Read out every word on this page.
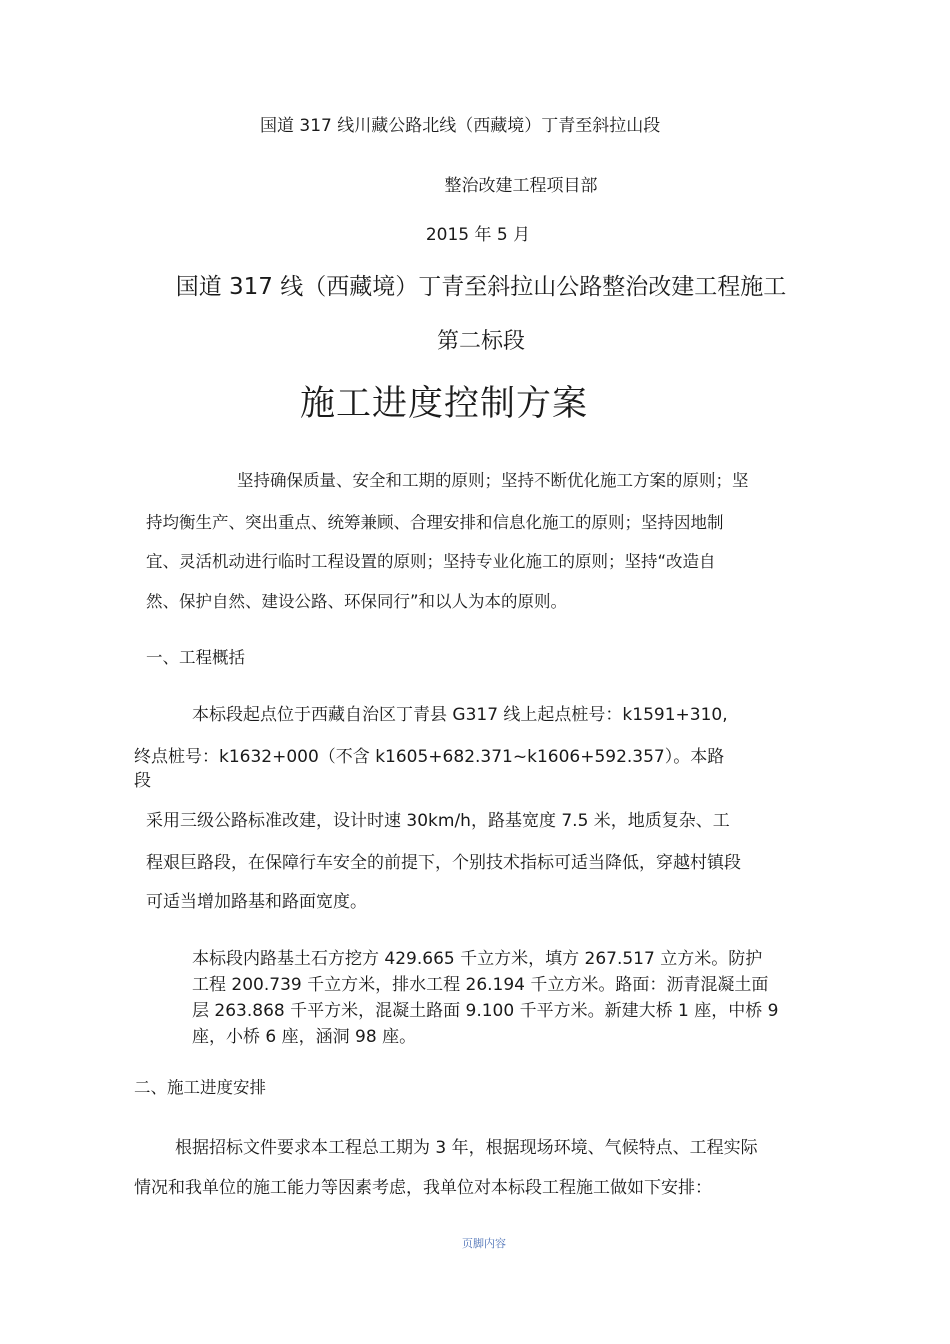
国道 317 线川藏公路北线（西藏境）丁青至斜拉山段
整治改建工程项目部
2015 年 5 月
国道 317 线（西藏境）丁青至斜拉山公路整治改建工程施工
第二标段
施工进度控制方案
坚持确保质量、安全和工期的原则；坚持不断优化施工方案的原则；坚
持均衡生产、突出重点、统筹兼顾、合理安排和信息化施工的原则；坚持因地制
宜、灵活机动进行临时工程设置的原则；坚持专业化施工的原则；坚持“改造自
然、保护自然、建设公路、环保同行”和以人为本的原则。
一、工程概括
本标段起点位于西藏自治区丁青县 G317 线上起点桩号：k1591+310,
终点桩号：k1632+000（不含 k1605+682.371~k1606+592.357）。本路
段
采用三级公路标准改建，设计时速 30km/h，路基宽度 7.5 米，地质复杂、工
程艰巨路段，在保障行车安全的前提下，个别技术指标可适当降低，穿越村镇段
可适当增加路基和路面宽度。
本标段内路基土石方挖方 429.665 千立方米，填方 267.517 立方米。防护
工程 200.739 千立方米，排水工程 26.194 千立方米。路面：沥青混凝土面
层 263.868 千平方米，混凝土路面 9.100 千平方米。新建大桥 1 座，中桥 9
座，小桥 6 座，涵洞 98 座。
二、施工进度安排
根据招标文件要求本工程总工期为 3 年，根据现场环境、气候特点、工程实际
情况和我单位的施工能力等因素考虑，我单位对本标段工程施工做如下安排：
页脚内容
